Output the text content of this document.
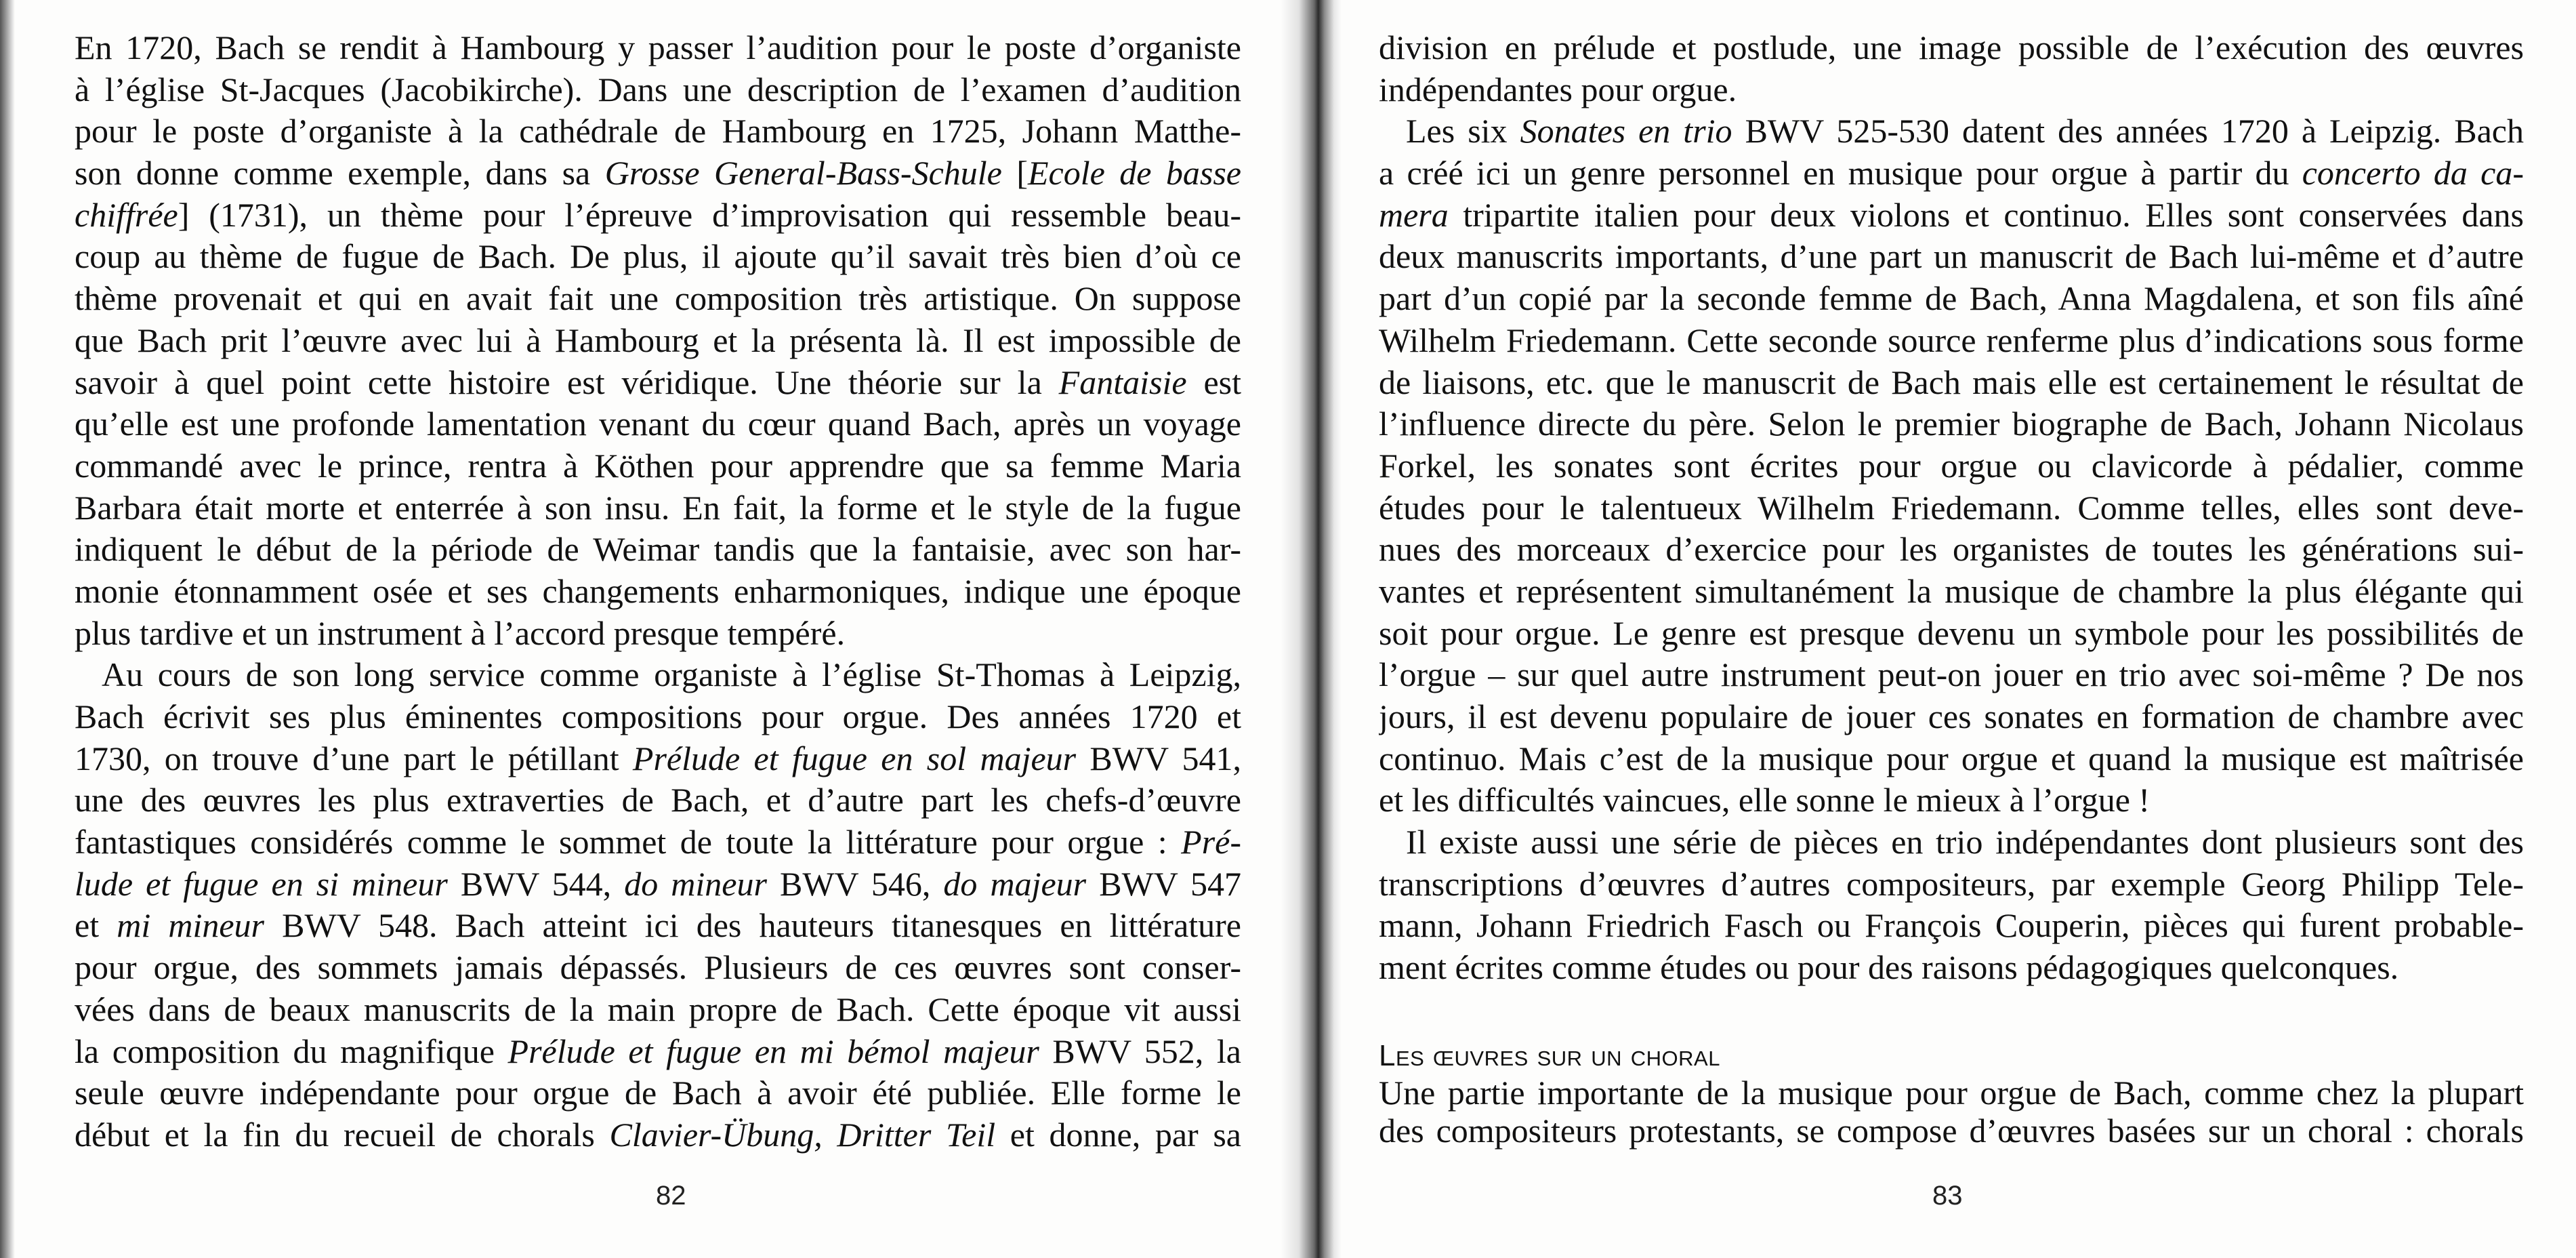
En 1720, Bach se rendit à Hambourg y passer l’audition pour le poste d’organiste
à l’église St-Jacques (Jacobikirche). Dans une description de l’examen d’audition
pour le poste d’organiste à la cathédrale de Hambourg en 1725, Johann Matthe-
son donne comme exemple, dans sa Grosse General-Bass-Schule [Ecole de basse
chiffrée] (1731), un thème pour l’épreuve d’improvisation qui ressemble beau-
coup au thème de fugue de Bach. De plus, il ajoute qu’il savait très bien d’où ce
thème provenait et qui en avait fait une composition très artistique. On suppose
que Bach prit l’œuvre avec lui à Hambourg et la présenta là. Il est impossible de
savoir à quel point cette histoire est véridique. Une théorie sur la Fantaisie est
qu’elle est une profonde lamentation venant du cœur quand Bach, après un voyage
commandé avec le prince, rentra à Köthen pour apprendre que sa femme Maria
Barbara était morte et enterrée à son insu. En fait, la forme et le style de la fugue
indiquent le début de la période de Weimar tandis que la fantaisie, avec son har-
monie étonnamment osée et ses changements enharmoniques, indique une époque
plus tardive et un instrument à l’accord presque tempéré.
Au cours de son long service comme organiste à l’église St-Thomas à Leipzig,
Bach écrivit ses plus éminentes compositions pour orgue. Des années 1720 et
1730, on trouve d’une part le pétillant Prélude et fugue en sol majeur BWV 541,
une des œuvres les plus extraverties de Bach, et d’autre part les chefs-d’œuvre
fantastiques considérés comme le sommet de toute la littérature pour orgue : Pré-
lude et fugue en si mineur BWV 544, do mineur BWV 546, do majeur BWV 547
et mi mineur BWV 548. Bach atteint ici des hauteurs titanesques en littérature
pour orgue, des sommets jamais dépassés. Plusieurs de ces œuvres sont conser-
vées dans de beaux manuscrits de la main propre de Bach. Cette époque vit aussi
la composition du magnifique Prélude et fugue en mi bémol majeur BWV 552, la
seule œuvre indépendante pour orgue de Bach à avoir été publiée. Elle forme le
début et la fin du recueil de chorals Clavier-Übung, Dritter Teil et donne, par sa
82
division en prélude et postlude, une image possible de l’exécution des œuvres
indépendantes pour orgue.
Les six Sonates en trio BWV 525-530 datent des années 1720 à Leipzig. Bach
a créé ici un genre personnel en musique pour orgue à partir du concerto da ca-
mera tripartite italien pour deux violons et continuo. Elles sont conservées dans
deux manuscrits importants, d’une part un manuscrit de Bach lui-même et d’autre
part d’un copié par la seconde femme de Bach, Anna Magdalena, et son fils aîné
Wilhelm Friedemann. Cette seconde source renferme plus d’indications sous forme
de liaisons, etc. que le manuscrit de Bach mais elle est certainement le résultat de
l’influence directe du père. Selon le premier biographe de Bach, Johann Nicolaus
Forkel, les sonates sont écrites pour orgue ou clavicorde à pédalier, comme
études pour le talentueux Wilhelm Friedemann. Comme telles, elles sont deve-
nues des morceaux d’exercice pour les organistes de toutes les générations sui-
vantes et représentent simultanément la musique de chambre la plus élégante qui
soit pour orgue. Le genre est presque devenu un symbole pour les possibilités de
l’orgue – sur quel autre instrument peut-on jouer en trio avec soi-même ? De nos
jours, il est devenu populaire de jouer ces sonates en formation de chambre avec
continuo. Mais c’est de la musique pour orgue et quand la musique est maîtrisée
et les difficultés vaincues, elle sonne le mieux à l’orgue !
Il existe aussi une série de pièces en trio indépendantes dont plusieurs sont des
transcriptions d’œuvres d’autres compositeurs, par exemple Georg Philipp Tele-
mann, Johann Friedrich Fasch ou François Couperin, pièces qui furent probable-
ment écrites comme études ou pour des raisons pédagogiques quelconques.
Les œuvres sur un choral
Une partie importante de la musique pour orgue de Bach, comme chez la plupart
des compositeurs protestants, se compose d’œuvres basées sur un choral : chorals
83
